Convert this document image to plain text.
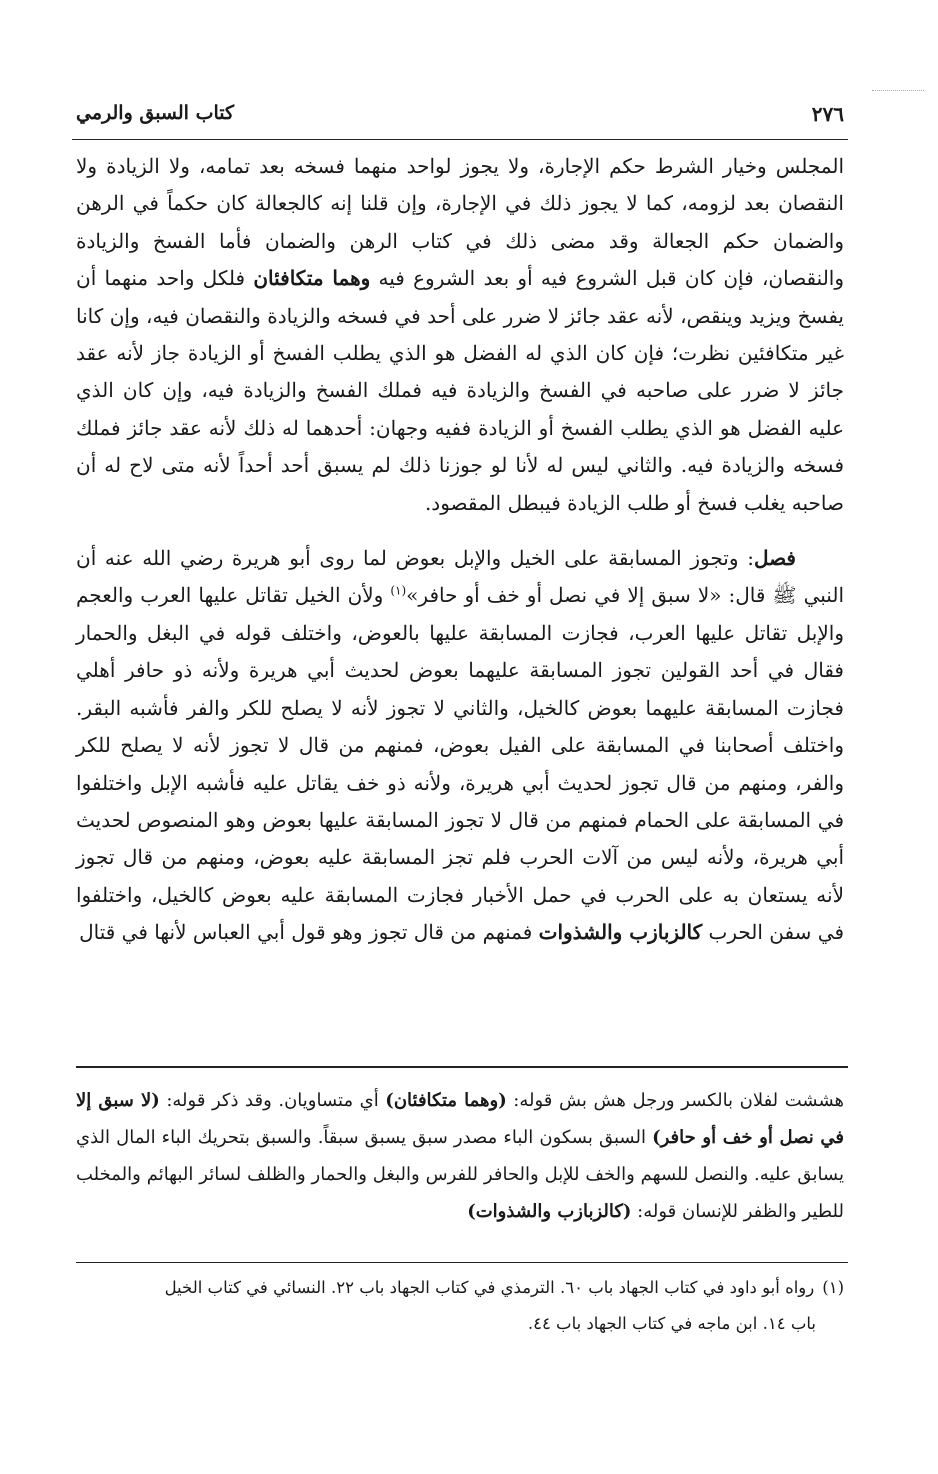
٢٧٦
كتاب السبق والرمي

المجلس وخيار الشرط حكم الإجارة، ولا يجوز لواحد منهما فسخه بعد تمامه، ولا الزيادة ولا النقصان بعد لزومه، كما لا يجوز ذلك في الإجارة، وإن قلنا إنه كالجعالة كان حكماً في الرهن والضمان حكم الجعالة وقد مضى ذلك في كتاب الرهن والضمان فأما الفسخ والزيادة والنقصان، فإن كان قبل الشروع فيه أو بعد الشروع فيه وهما متكافئان فلكل واحد منهما أن يفسخ ويزيد وينقص، لأنه عقد جائز لا ضرر على أحد في فسخه والزيادة والنقصان فيه، وإن كانا غير متكافئين نظرت؛ فإن كان الذي له الفضل هو الذي يطلب الفسخ أو الزيادة جاز لأنه عقد جائز لا ضرر على صاحبه في الفسخ والزيادة فيه فملك الفسخ والزيادة فيه، وإن كان الذي عليه الفضل هو الذي يطلب الفسخ أو الزيادة ففيه وجهان: أحدهما له ذلك لأنه عقد جائز فملك فسخه والزيادة فيه. والثاني ليس له لأنا لو جوزنا ذلك لم يسبق أحد أحداً لأنه متى لاح له أن صاحبه يغلب فسخ أو طلب الزيادة فيبطل المقصود.

فصل: وتجوز المسابقة على الخيل والإبل بعوض لما روى أبو هريرة رضي الله عنه أن النبي ﷺ قال: «لا سبق إلا في نصل أو خف أو حافر»$^{(١)}$ ولأن الخيل تقاتل عليها العرب والعجم والإبل تقاتل عليها العرب، فجازت المسابقة عليها بالعوض، واختلف قوله في البغل والحمار فقال في أحد القولين تجوز المسابقة عليهما بعوض لحديث أبي هريرة ولأنه ذو حافر أهلي فجازت المسابقة عليهما بعوض كالخيل، والثاني لا تجوز لأنه لا يصلح للكر والفر فأشبه البقر. واختلف أصحابنا في المسابقة على الفيل بعوض، فمنهم من قال لا تجوز لأنه لا يصلح للكر والفر، ومنهم من قال تجوز لحديث أبي هريرة، ولأنه ذو خف يقاتل عليه فأشبه الإبل واختلفوا في المسابقة على الحمام فمنهم من قال لا تجوز المسابقة عليها بعوض وهو المنصوص لحديث أبي هريرة، ولأنه ليس من آلات الحرب فلم تجز المسابقة عليه بعوض، ومنهم من قال تجوز لأنه يستعان به على الحرب في حمل الأخبار فجازت المسابقة عليه بعوض كالخيل، واختلفوا في سفن الحرب كالزبازب والشذوات فمنهم من قال تجوز وهو قول أبي العباس لأنها في قتال

هششت لفلان بالكسر ورجل هش بش قوله: (وهما متكافئان) أي متساويان. وقد ذكر قوله: (لا سبق إلا في نصل أو خف أو حافر) السبق بسكون الباء مصدر سبق يسبق سبقاً. والسبق بتحريك الباء المال الذي يسابق عليه. والنصل للسهم والخف للإبل والحافر للفرس والبغل والحمار والظلف لسائر البهائم والمخلب للطير والظفر للإنسان قوله: (كالزبازب والشذوات)

(١)رواه أبو داود في كتاب الجهاد باب ٦٠. الترمذي في كتاب الجهاد باب ٢٢. النسائي في كتاب الخيل
باب ١٤. ابن ماجه في كتاب الجهاد باب ٤٤.
